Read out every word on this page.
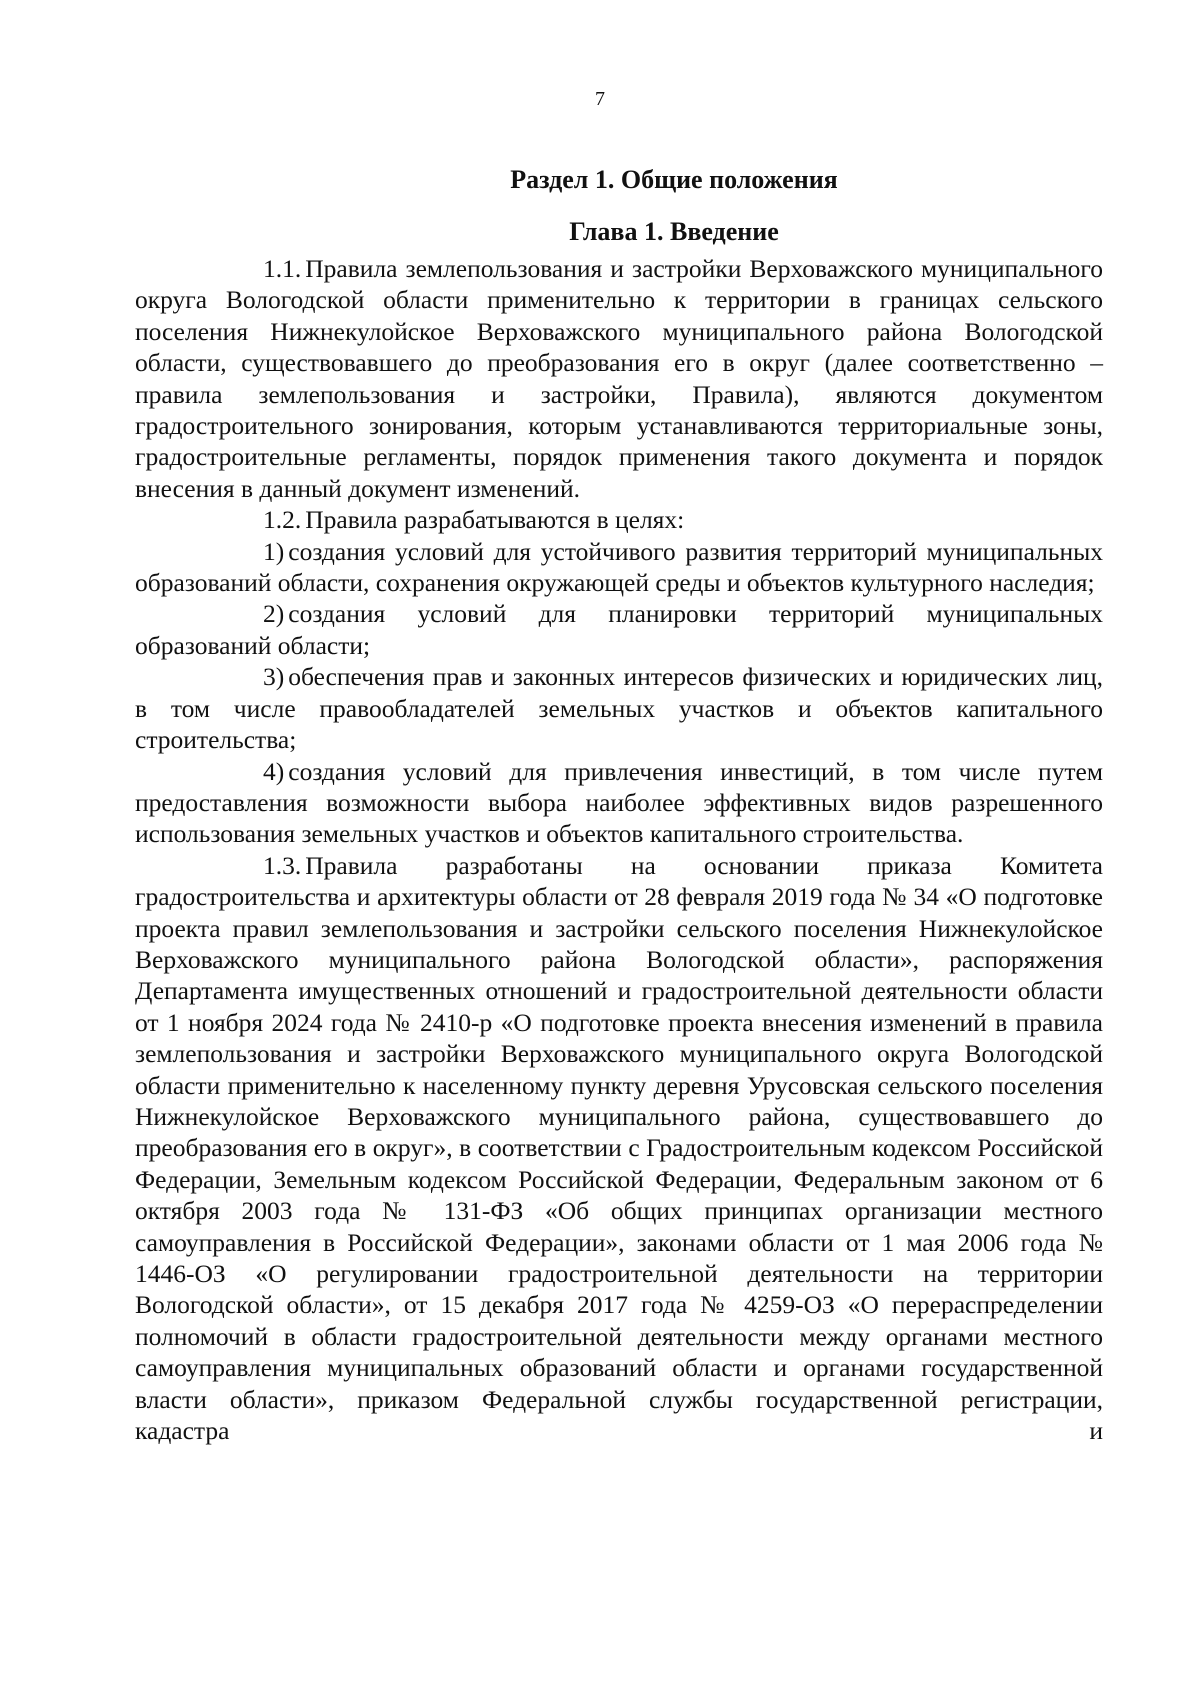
7
Раздел 1. Общие положения
Глава 1. Введение

1.1. Правила землепользования и застройки Верховажского муниципального округа Вологодской области применительно к территории в границах сельского поселения Нижнекулойское Верховажского муниципального района Вологодской области, существовавшего до преобразования его в округ (далее соответственно – правила землепользования и застройки, Правила), являются документом градостроительного зонирования, которым устанавливаются территориальные зоны, градостроительные регламенты, порядок применения такого документа и порядок внесения в данный документ изменений.

1.2. Правила разрабатываются в целях:

1) создания условий для устойчивого развития территорий муниципальных образований области, сохранения окружающей среды и объектов культурного наследия;

2) создания условий для планировки территорий муниципальных образований области;

3) обеспечения прав и законных интересов физических и юридических лиц, в том числе правообладателей земельных участков и объектов капитального строительства;

4) создания условий для привлечения инвестиций, в том числе путем предоставления возможности выбора наиболее эффективных видов разрешенного использования земельных участков и объектов капитального строительства.

1.3. Правила разработаны на основании приказа Комитета градостроительства и архитектуры области от 28 февраля 2019 года № 34 «О подготовке проекта правил землепользования и застройки сельского поселения Нижнекулойское Верховажского муниципального района Вологодской области», распоряжения Департамента имущественных отношений и градостроительной деятельности области от 1 ноября 2024 года № 2410-р «О подготовке проекта внесения изменений в правила землепользования и застройки Верховажского муниципального округа Вологодской области применительно к населенному пункту деревня Урусовская сельского поселения Нижнекулойское Верховажского муниципального района, существовавшего до преобразования его в округ», в соответствии с Градостроительным кодексом Российской Федерации, Земельным кодексом Российской Федерации, Федеральным законом от 6 октября 2003 года № 131-ФЗ «Об общих принципах организации местного самоуправления в Российской Федерации», законами области от 1 мая 2006 года № 1446-ОЗ «О регулировании градостроительной деятельности на территории Вологодской области», от 15 декабря 2017 года № 4259-ОЗ «О перераспределении полномочий в области градостроительной деятельности между органами местного самоуправления муниципальных образований области и органами государственной власти области», приказом Федеральной службы государственной регистрации, кадастра и
